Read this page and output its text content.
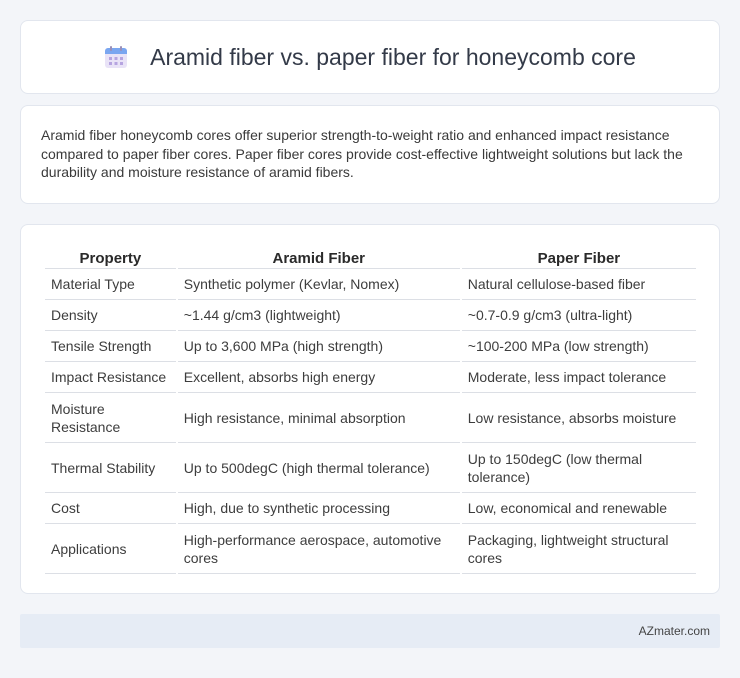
Aramid fiber vs. paper fiber for honeycomb core

Aramid fiber honeycomb cores offer superior strength-to-weight ratio and enhanced impact resistance compared to paper fiber cores. Paper fiber cores provide cost-effective lightweight solutions but lack the durability and moisture resistance of aramid fibers.

Property	Aramid Fiber	Paper Fiber
Material Type	Synthetic polymer (Kevlar, Nomex)	Natural cellulose-based fiber
Density	~1.44 g/cm3 (lightweight)	~0.7-0.9 g/cm3 (ultra-light)
Tensile Strength	Up to 3,600 MPa (high strength)	~100-200 MPa (low strength)
Impact Resistance	Excellent, absorbs high energy	Moderate, less impact tolerance
Moisture Resistance	High resistance, minimal absorption	Low resistance, absorbs moisture
Thermal Stability	Up to 500degC (high thermal tolerance)	Up to 150degC (low thermal tolerance)
Cost	High, due to synthetic processing	Low, economical and renewable
Applications	High-performance aerospace, automotive cores	Packaging, lightweight structural cores
AZmater.com
